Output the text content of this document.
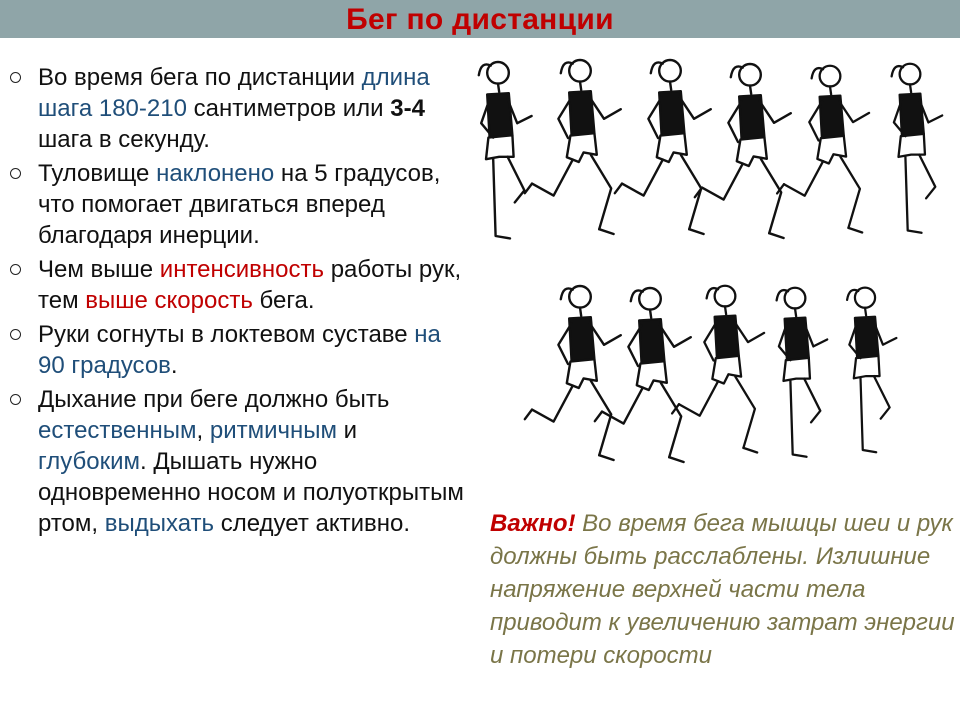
Бег по дистанции
Во время бега по дистанции длина шага 180-210 сантиметров или 3-4 шага в секунду.
Туловище наклонено на 5 градусов, что помогает двигаться вперед благодаря инерции.
Чем выше интенсивность работы рук, тем выше скорость бега.
Руки согнуты в локтевом суставе на 90 градусов.
Дыхание при беге должно быть естественным, ритмичным и глубоким. Дышать нужно одновременно носом и полуоткрытым ртом, выдыхать следует активно.	Важно! Во время бега мышцы шеи и рук должны быть расслаблены. Излишние напряжение верхней части тела приводит к увеличению затрат энергии и потери скорости
